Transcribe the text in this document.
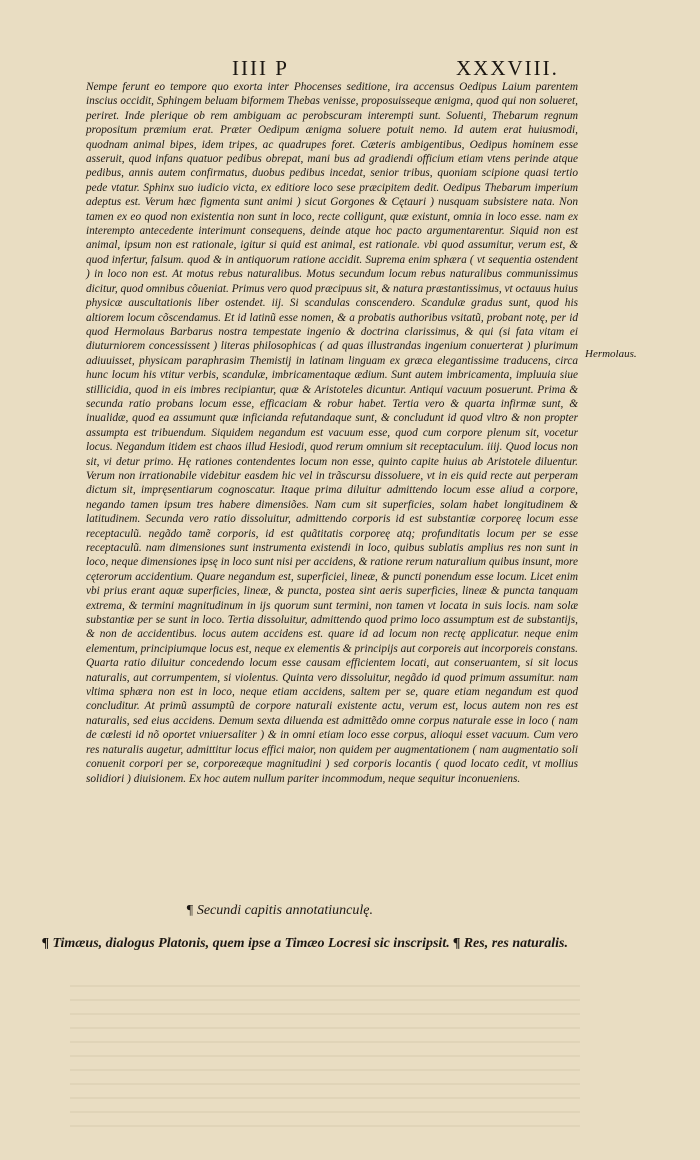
IIII P	XXXVIII.
Nempe ferunt eo tempore quo exorta inter Phocenses seditione, ira accensus Oedipus Laium parentem inscius occidit, Sphingem beluam biformem Thebas venisse, proposuisseque ænigma, quod qui non solueret, periret. Inde plerique ob rem ambiguam ac perobscuram interempti sunt. Soluenti, Thebarum regnum propositum præmium erat. Præter Oedipum ænigma soluere potuit nemo. Id autem erat huiusmodi, quodnam animal bipes, idem tripes, ac quadrupes foret. Cæteris ambigentibus, Oedipus hominem esse asseruit, quod infans quatuor pedibus obrepat, mani bus ad gradiendi officium etiam vtens perinde atque pedibus, annis autem confirmatus, duobus pedibus incedat, senior tribus, quoniam scipione quasi tertio pede vtatur. Sphinx suo iudicio victa, ex editiore loco sese præcipitem dedit. Oedipus Thebarum imperium adeptus est. Verum hæc figmenta sunt animi ) sicut Gorgones & Cętauri ) nusquam subsistere nata. Non tamen ex eo quod non existentia non sunt in loco, recte colligunt, quæ existunt, omnia in loco esse. nam ex interempto antecedente interimunt consequens, deinde atque hoc pacto argumentarentur. Siquid non est animal, ipsum non est rationale, igitur si quid est animal, est rationale. vbi quod assumitur, verum est, & quod infertur, falsum. quod & in antiquorum ratione accidit. Suprema enim sphæra ( vt sequentia ostendent ) in loco non est. At motus rebus naturalibus. Motus secundum locum rebus naturalibus communissimus dicitur, quod omnibus cõueniat. Primus vero quod præcipuus sit, & natura præstantissimus, vt octauus huius physicæ auscultationis liber ostendet. iij. Si scandulas conscendero. Scandulæ gradus sunt, quod his altiorem locum cõscendamus. Et id latinũ esse nomen, & a probatis authoribus vsitatũ, probant notę, per id quod Hermolaus Barbarus nostra tempestate ingenio & doctrina clarissimus, & qui (si fata vitam ei diuturniorem concessissent ) literas philosophicas ( ad quas illustrandas ingenium conuerterat ) plurimum adiuuisset, physicam paraphrasim Themistij in latinam linguam ex græca elegantissime traducens, circa hunc locum his vtitur verbis, scandulæ, imbricamentaque ædium. Sunt autem imbricamenta, impluuia siue stillicidia, quod in eis imbres recipiantur, quæ & Aristoteles dicuntur. Antiqui vacuum posuerunt. Prima & secunda ratio probans locum esse, efficaciam & robur habet. Tertia vero & quarta infirmæ sunt, & inualidæ, quod ea assumunt quæ inficianda refutandaque sunt, & concludunt id quod vltro & non propter assumpta est tribuendum. Siquidem negandum est vacuum esse, quod cum corpore plenum sit, vocetur locus. Negandum itidem est chaos illud Hesiodi, quod rerum omnium sit receptaculum. iiij. Quod locus non sit, vi detur primo. Hę rationes contendentes locum non esse, quinto capite huius ab Aristotele diluentur. Verum non irrationabile videbitur easdem hic vel in trãscursu dissoluere, vt in eis quid recte aut perperam dictum sit, impręsentiarum cognoscatur. Itaque prima diluitur admittendo locum esse aliud a corpore, negando tamen ipsum tres habere dimensiões. Nam cum sit superficies, solam habet longitudinem & latitudinem. Secunda vero ratio dissoluitur, admittendo corporis id est substantiæ corporeę locum esse receptaculũ. negãdo tamẽ corporis, id est quãtitatis corporeę atq; profunditatis locum per se esse receptaculũ. nam dimensiones sunt instrumenta existendi in loco, quibus sublatis amplius res non sunt in loco, neque dimensiones ipsę in loco sunt nisi per accidens, & ratione rerum naturalium quibus insunt, more cęterorum accidentium. Quare negandum est, superficiei, lineæ, & puncti ponendum esse locum. Licet enim vbi prius erant aquæ superficies, lineæ, & puncta, postea sint aeris superficies, lineæ & puncta tanquam extrema, & termini magnitudinum in ijs quorum sunt termini, non tamen vt locata in suis locis. nam solæ substantiæ per se sunt in loco. Tertia dissoluitur, admittendo quod primo loco assumptum est de substantijs, & non de accidentibus. locus autem accidens est. quare id ad locum non rectę applicatur. neque enim elementum, principiumque locus est, neque ex elementis & principijs aut corporeis aut incorporeis constans. Quarta ratio diluitur concedendo locum esse causam efficientem locati, aut conseruantem, si sit locus naturalis, aut corrumpentem, si violentus. Quinta vero dissoluitur, negãdo id quod primum assumitur. nam vltima sphæra non est in loco, neque etiam accidens, saltem per se, quare etiam negandum est quod concluditur. At primũ assumptũ de corpore naturali existente actu, verum est, locus autem non res est naturalis, sed eius accidens. Demum sexta diluenda est admittẽdo omne corpus naturale esse in loco ( nam de cœlesti id nõ oportet vniuersaliter ) & in omni etiam loco esse corpus, alioqui esset vacuum. Cum vero res naturalis augetur, admittitur locus effici maior, non quidem per augmentationem ( nam augmentatio soli conuenit corpori per se, corporeæque magnitudini ) sed corporis locantis ( quod locato cedit, vt mollius solidiori ) diuisionem. Ex hoc autem nullum pariter incommodum, neque sequitur inconueniens.
Hermolaus.
¶ Secundi capitis annotatiunculę.
¶ Timæus, dialogus Platonis, quem ipse a Timæo Locresi sic inscripsit. ¶ Res, res naturalis.
